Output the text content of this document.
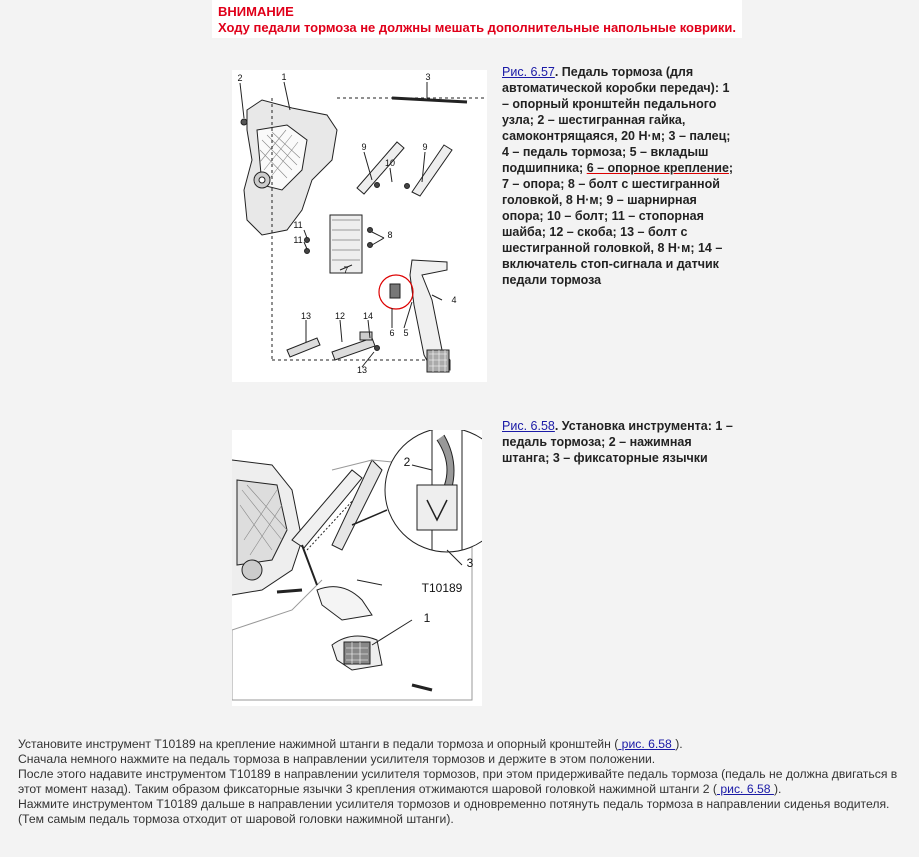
ВНИМАНИЕ
Ходу педали тормоза не должны мешать дополнительные напольные коврики.
2	1	3
9
10
9
11
11	8
7
6 5
4
13	12 14
13
Рис. 6.57. Педаль тормоза (для автоматической коробки передач): 1 – опорный кронштейн педального узла; 2 – шестигранная гайка, самоконтрящаяся, 20 Н·м; 3 – палец; 4 – педаль тормоза; 5 – вкладыш подшипника; 6 – опорное крепление; 7 – опора; 8 – болт с шестигранной головкой, 8 Н·м; 9 – шарнирная опора; 10 – болт; 11 – стопорная шайба; 12 – скоба; 13 – болт с шестигранной головкой, 8 Н·м; 14 – включатель стоп-сигнала и датчик педали тормоза
2
3
T10189
1
Рис. 6.58. Установка инструмента: 1 – педаль тормоза; 2 – нажимная штанга; 3 – фиксаторные язычки

Установите инструмент T10189 на крепление нажимной штанги в педали тормоза и опорный кронштейн ( рис. 6.58 ).

Сначала немного нажмите на педаль тормоза в направлении усилителя тормозов и держите в этом положении.

После этого надавите инструментом T10189 в направлении усилителя тормозов, при этом придерживайте педаль тормоза (педаль не должна двигаться в этот момент назад). Таким образом фиксаторные язычки 3 крепления отжимаются шаровой головкой нажимной штанги 2 ( рис. 6.58 ).

Нажмите инструментом T10189 дальше в направлении усилителя тормозов и одновременно потянуть педаль тормоза в направлении сиденья водителя. (Тем самым педаль тормоза отходит от шаровой головки нажимной штанги).
